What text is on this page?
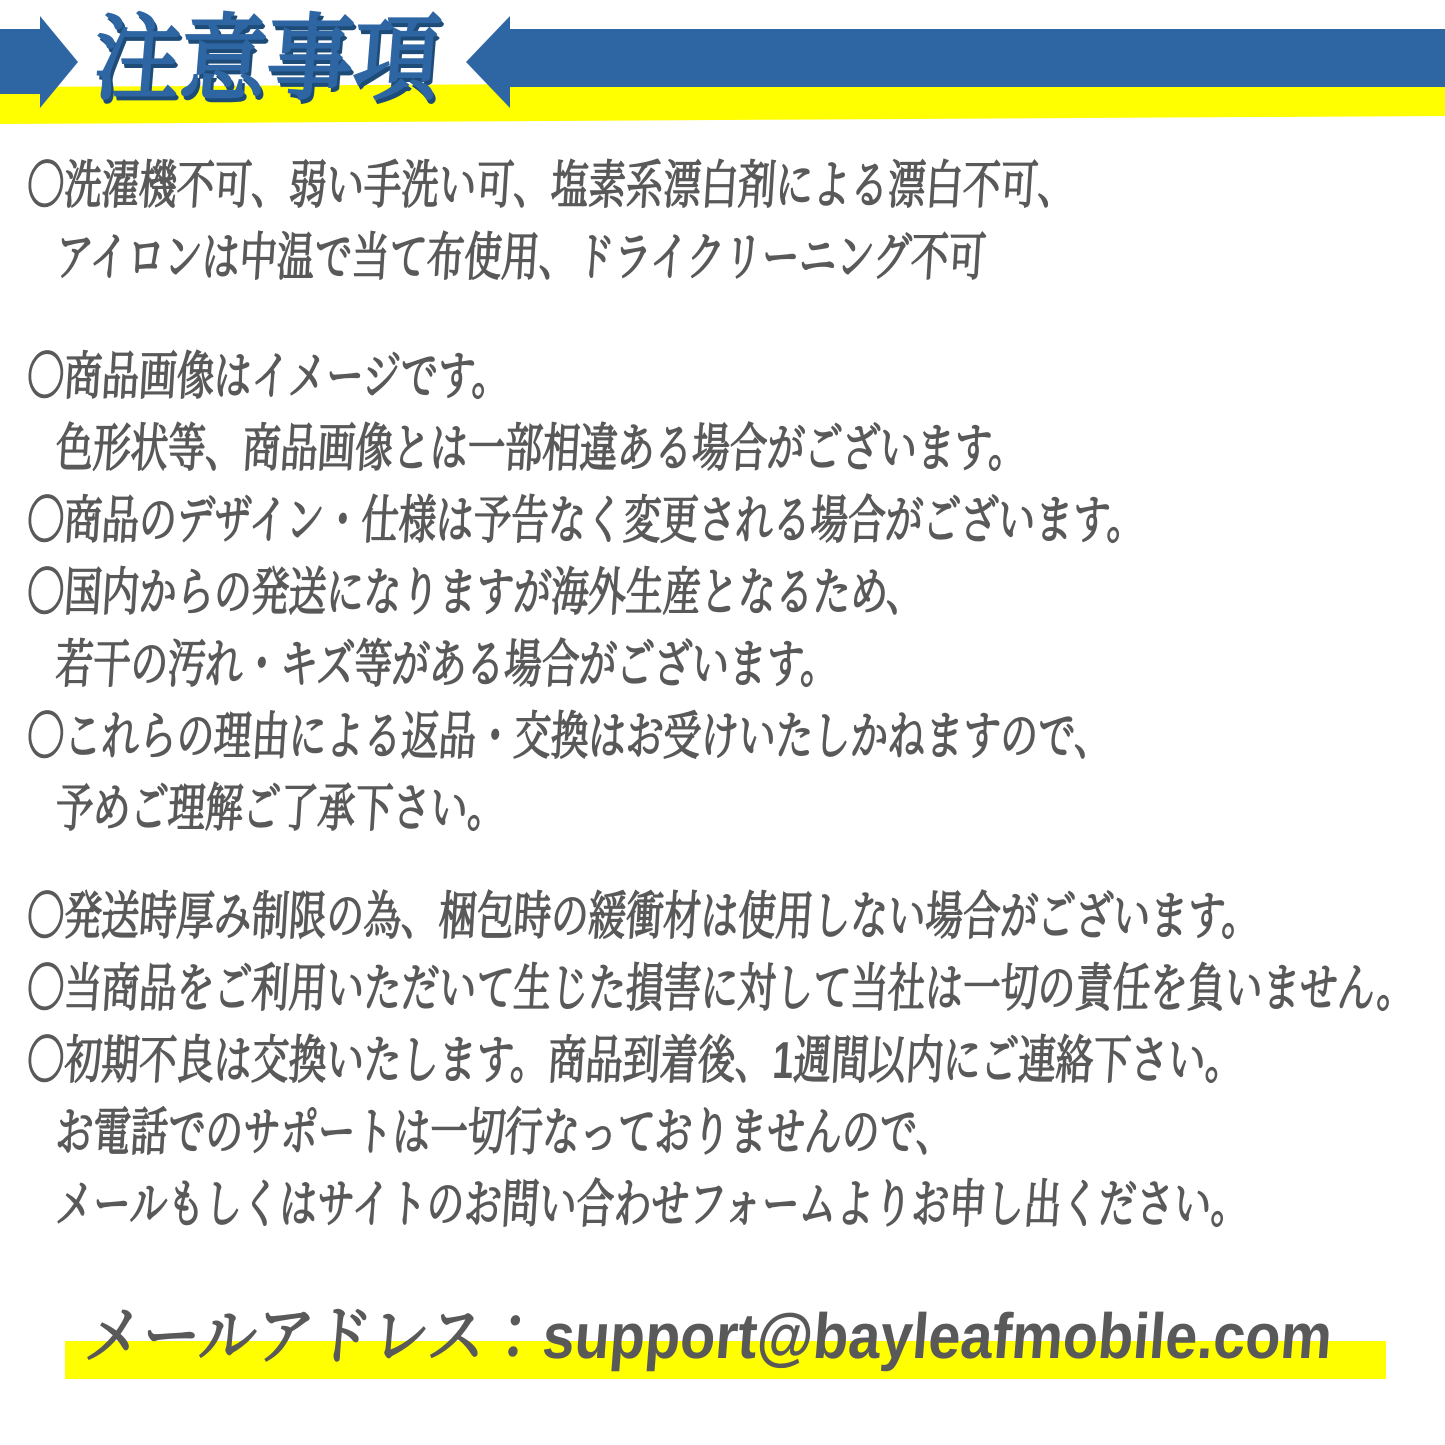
注意事項
〇洗濯機不可、弱い手洗い可、塩素系漂白剤による漂白不可、
アイロンは中温で当て布使用、ドライクリーニング不可
〇商品画像はイメージです。
色形状等、商品画像とは一部相違ある場合がございます。
〇商品のデザイン・仕様は予告なく変更される場合がございます。
〇国内からの発送になりますが海外生産となるため、
若干の汚れ・キズ等がある場合がございます。
〇これらの理由による返品・交換はお受けいたしかねますので、
予めご理解ご了承下さい。
〇発送時厚み制限の為、梱包時の緩衝材は使用しない場合がございます。
〇当商品をご利用いただいて生じた損害に対して当社は一切の責任を負いません。
〇初期不良は交換いたします。商品到着後、1週間以内にご連絡下さい。
お電話でのサポートは一切行なっておりませんので、
メールもしくはサイトのお問い合わせフォームよりお申し出ください。
メールアドレス：support@bayleafmobile.com
